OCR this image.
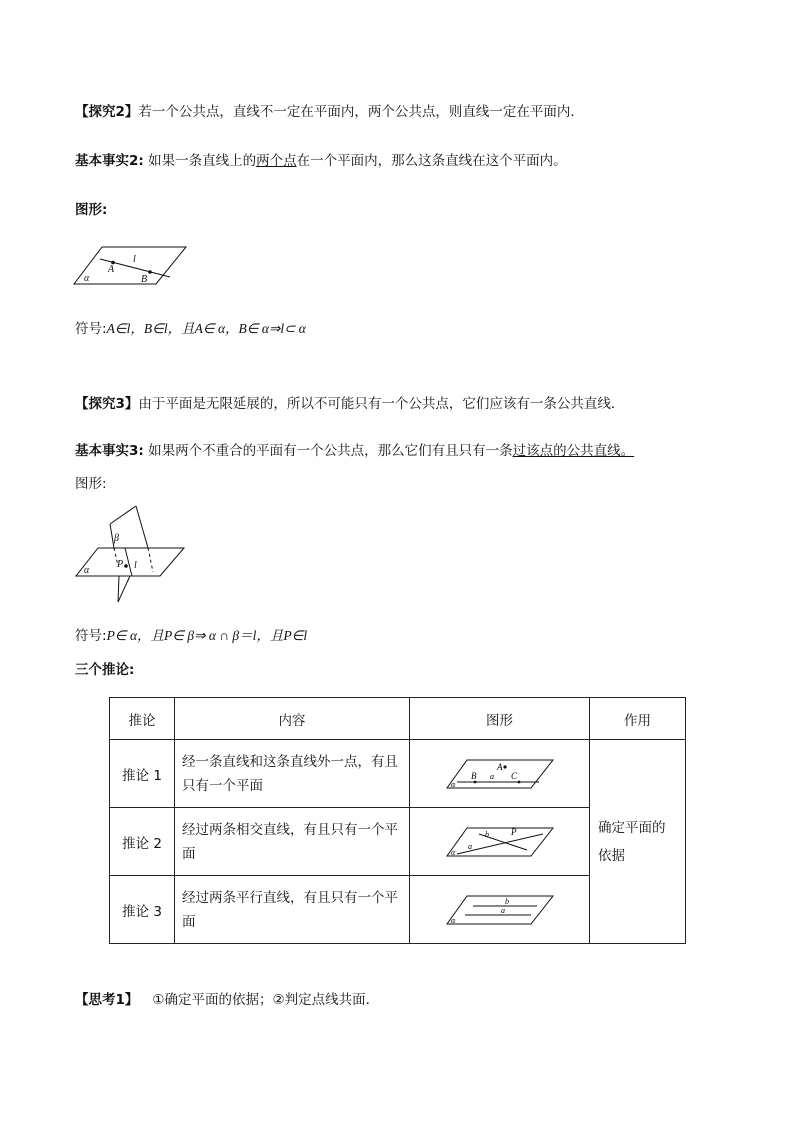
【探究2】若一个公共点，直线不一定在平面内，两个公共点，则直线一定在平面内．
基本事实2: 如果一条直线上的两个点在一个平面内，那么这条直线在这个平面内。
图形:
l
A
B
α
符号:A∈l，B∈l，且A∈ α，B∈ α⇒l⊂ α
【探究3】由于平面是无限延展的，所以不可能只有一个公共点，它们应该有一条公共直线．
基本事实3: 如果两个不重合的平面有一个公共点，那么它们有且只有一条过该点的公共直线。
图形:
β
α
P l
符号:P∈ α，且P∈ β⇒ α ∩ β＝l，且P∈l
三个推论:
推论	内容	图形	作用
推论 1	经一条直线和这条直线外一点，有且只有一个平面	A
B a C
α	确定平面的依据
推论 2	经过两条相交直线，有且只有一个平面	b P
a
α	

推论 3	经过两条平行直线，有且只有一个平面	b
a
α	
【思考1】 ①确定平面的依据；②判定点线共面.
